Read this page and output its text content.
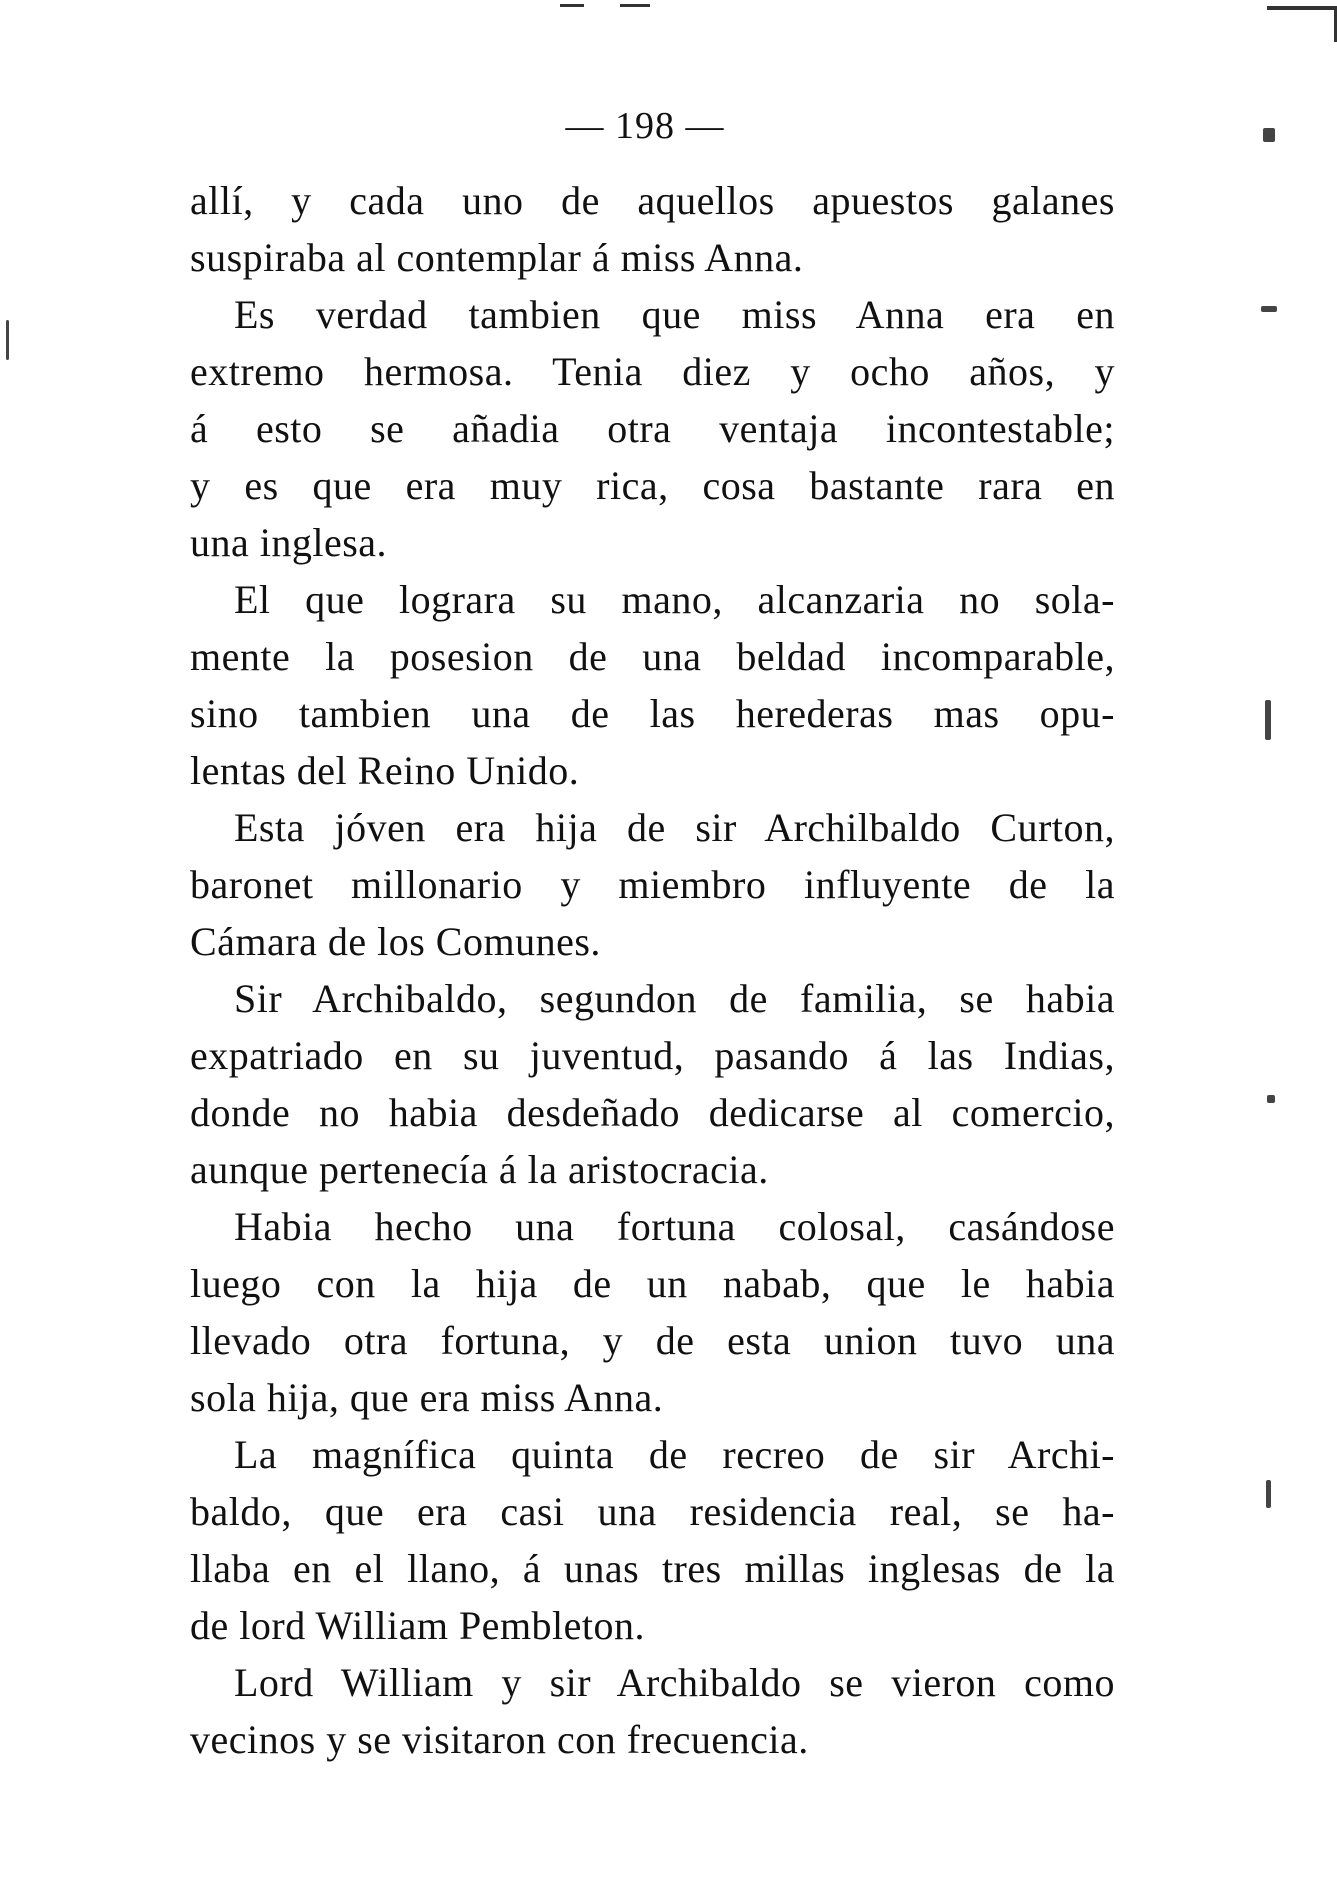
— 198 —
allí, y cada uno de aquellos apuestos galanes
suspiraba al contemplar á miss Anna.
Es verdad tambien que miss Anna era en
extremo hermosa. Tenia diez y ocho años, y
á esto se añadia otra ventaja incontestable;
y es que era muy rica, cosa bastante rara en
una inglesa.
El que lograra su mano, alcanzaria no sola-
mente la posesion de una beldad incomparable,
sino tambien una de las herederas mas opu-
lentas del Reino Unido.
Esta jóven era hija de sir Archilbaldo Curton,
baronet millonario y miembro influyente de la
Cámara de los Comunes.
Sir Archibaldo, segundon de familia, se habia
expatriado en su juventud, pasando á las Indias,
donde no habia desdeñado dedicarse al comercio,
aunque pertenecía á la aristocracia.
Habia hecho una fortuna colosal, casándose
luego con la hija de un nabab, que le habia
llevado otra fortuna, y de esta union tuvo una
sola hija, que era miss Anna.
La magnífica quinta de recreo de sir Archi-
baldo, que era casi una residencia real, se ha-
llaba en el llano, á unas tres millas inglesas de la
de lord William Pembleton.
Lord William y sir Archibaldo se vieron como
vecinos y se visitaron con frecuencia.
